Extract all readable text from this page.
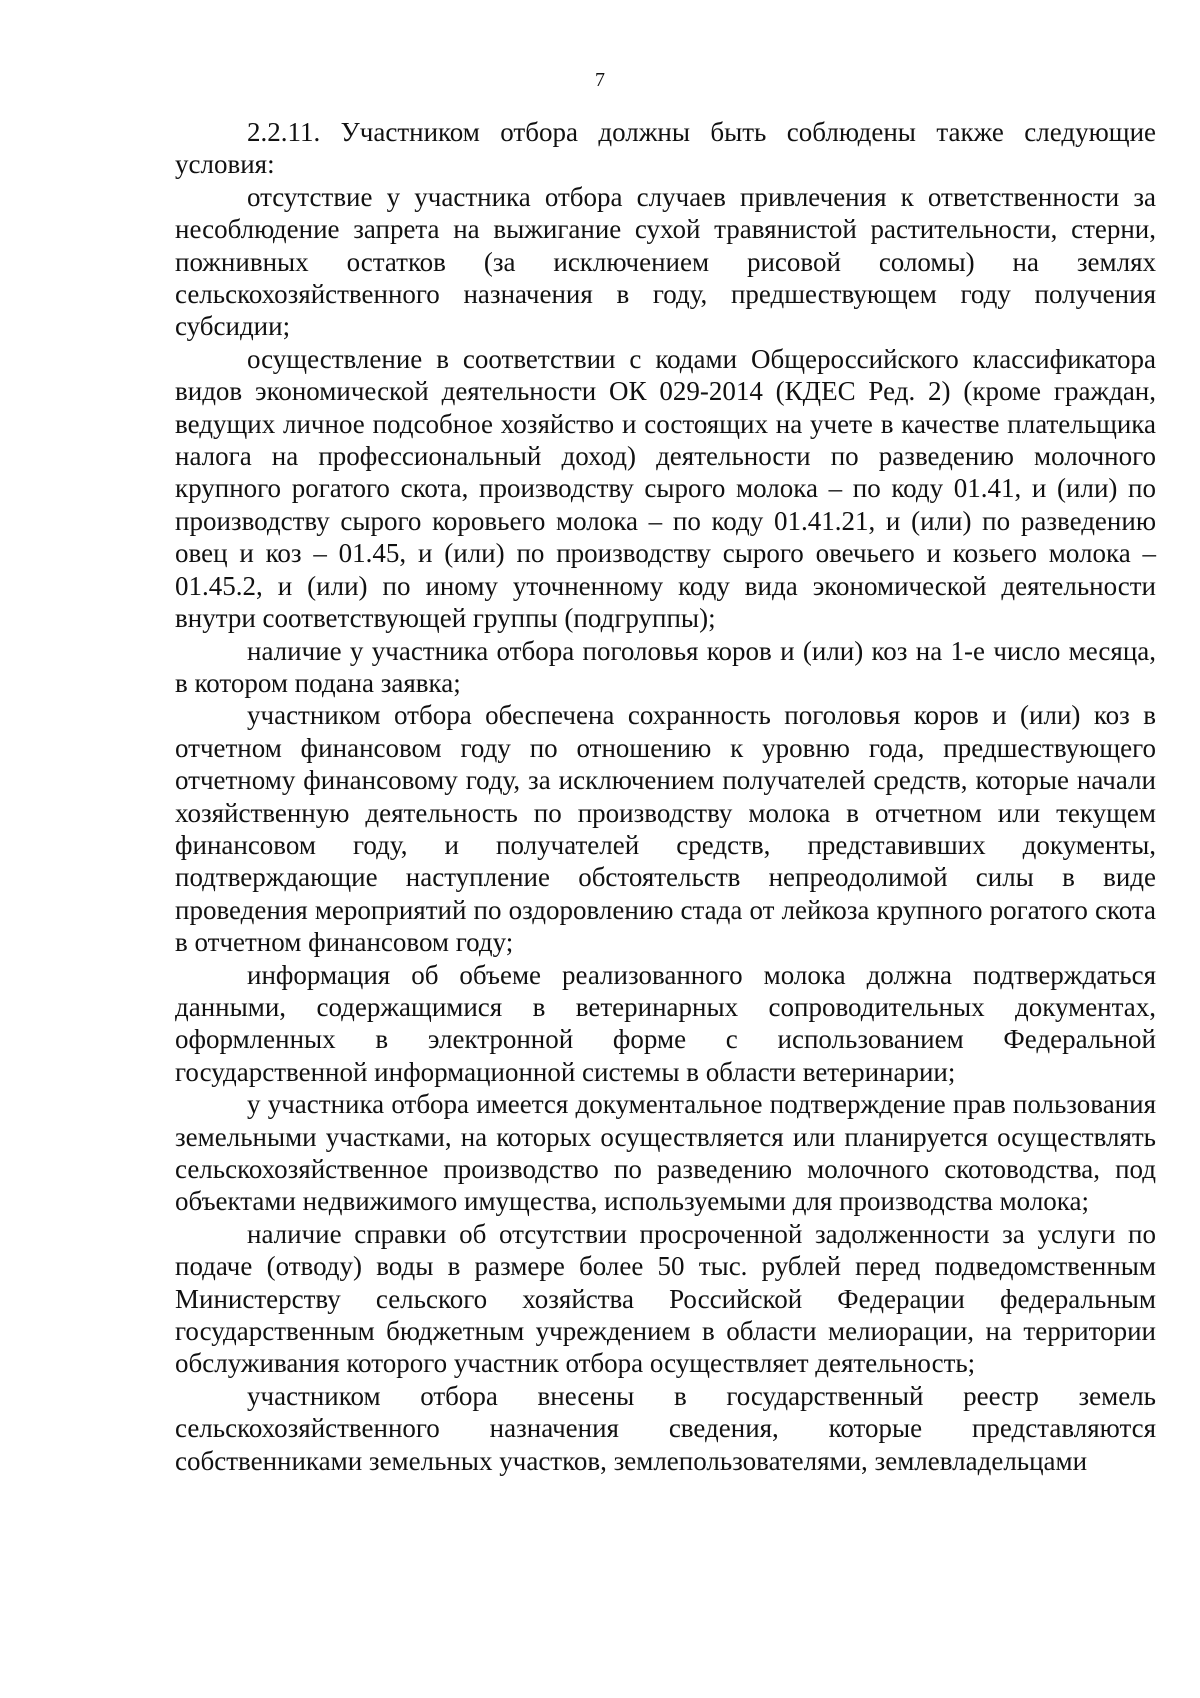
7

2.2.11. Участником отбора должны быть соблюдены также следующие условия:

отсутствие у участника отбора случаев привлечения к ответственности за несоблюдение запрета на выжигание сухой травянистой растительности, стерни, пожнивных остатков (за исключением рисовой соломы) на землях сельскохозяйственного назначения в году, предшествующем году получения субсидии;

осуществление в соответствии с кодами Общероссийского классификатора видов экономической деятельности ОК 029-2014 (КДЕС Ред. 2) (кроме граждан, ведущих личное подсобное хозяйство и состоящих на учете в качестве плательщика налога на профессиональный доход) деятельности по разведению молочного крупного рогатого скота, производству сырого молока – по коду 01.41, и (или) по производству сырого коровьего молока – по коду 01.41.21, и (или) по разведению овец и коз – 01.45, и (или) по производству сырого овечьего и козьего молока – 01.45.2, и (или) по иному уточненному коду вида экономической деятельности внутри соответствующей группы (подгруппы);

наличие у участника отбора поголовья коров и (или) коз на 1-е число месяца, в котором подана заявка;

участником отбора обеспечена сохранность поголовья коров и (или) коз в отчетном финансовом году по отношению к уровню года, предшествующего отчетному финансовому году, за исключением получателей средств, которые начали хозяйственную деятельность по производству молока в отчетном или текущем финансовом году, и получателей средств, представивших документы, подтверждающие наступление обстоятельств непреодолимой силы в виде проведения мероприятий по оздоровлению стада от лейкоза крупного рогатого скота в отчетном финансовом году;

информация об объеме реализованного молока должна подтверждаться данными, содержащимися в ветеринарных сопроводительных документах, оформленных в электронной форме с использованием Федеральной государственной информационной системы в области ветеринарии;

у участника отбора имеется документальное подтверждение прав пользования земельными участками, на которых осуществляется или планируется осуществлять сельскохозяйственное производство по разведению молочного скотоводства, под объектами недвижимого имущества, используемыми для производства молока;

наличие справки об отсутствии просроченной задолженности за услуги по подаче (отводу) воды в размере более 50 тыс. рублей перед подведомственным Министерству сельского хозяйства Российской Федерации федеральным государственным бюджетным учреждением в области мелиорации, на территории обслуживания которого участник отбора осуществляет деятельность;

участником отбора внесены в государственный реестр земель сельскохозяйственного назначения сведения, которые представляются собственниками земельных участков, землепользователями, землевладельцами
